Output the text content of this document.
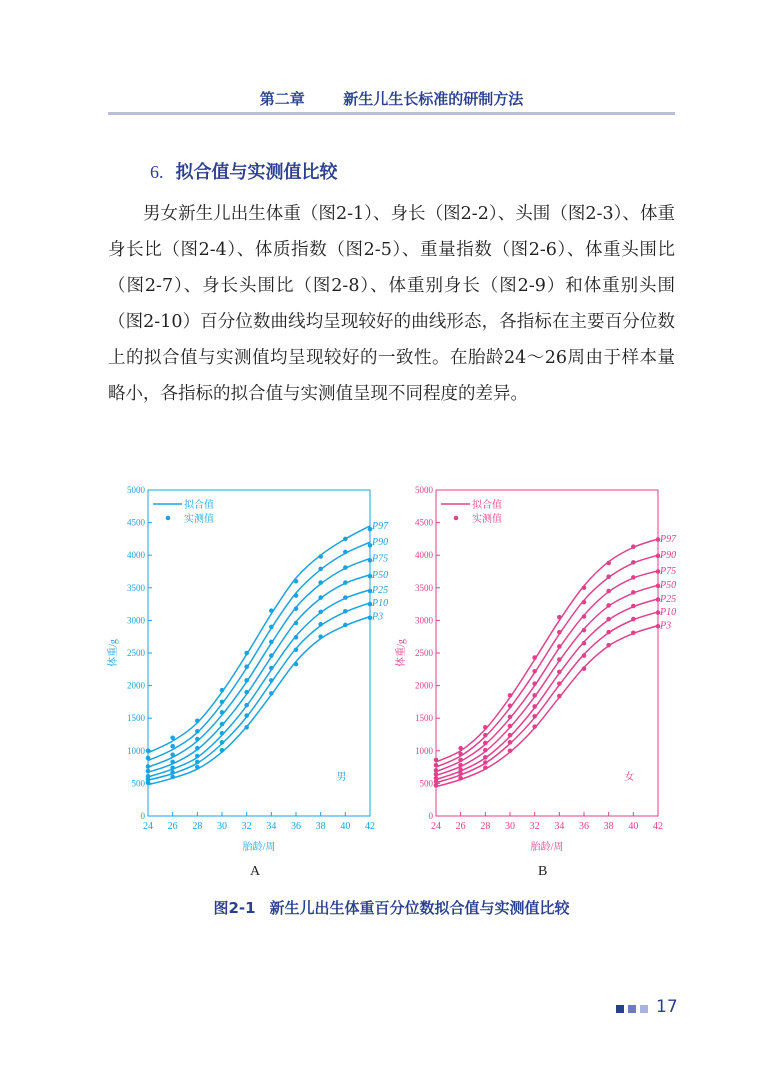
第二章	新生儿生长标准的研制方法
6. 拟合值与实测值比较

男女新生儿出生体重（图2-1）、身长（图2-2）、头围（图2-3）、体重身长比（图2-4）、体质指数（图2-5）、重量指数（图2-6）、体重头围比（图2-7）、身长头围比（图2-8）、体重别身长（图2-9）和体重别头围（图2-10）百分位数曲线均呈现较好的曲线形态，各指标在主要百分位数上的拟合值与实测值均呈现较好的一致性。在胎龄24～26周由于样本量略小，各指标的拟合值与实测值呈现不同程度的差异。

0
500
1000
1500
2000
2500
3000
3500
4000
4500
5000
24 26 28 30 32 34 36 38 40 42
胎龄/周
体重/g
拟合值
实测值
P97
P90
P75
P50
P25
P10
P3
男
0
500
1000
1500
2000
2500
3000
3500
4000
4500
5000
24 26 28 30 32 34 36 38 40 42
胎龄/周
体重/g
拟合值
实测值
P97
P90
P75
P50
P25
P10
P3
女
A	B
图2-1 新生儿出生体重百分位数拟合值与实测值比较
17
